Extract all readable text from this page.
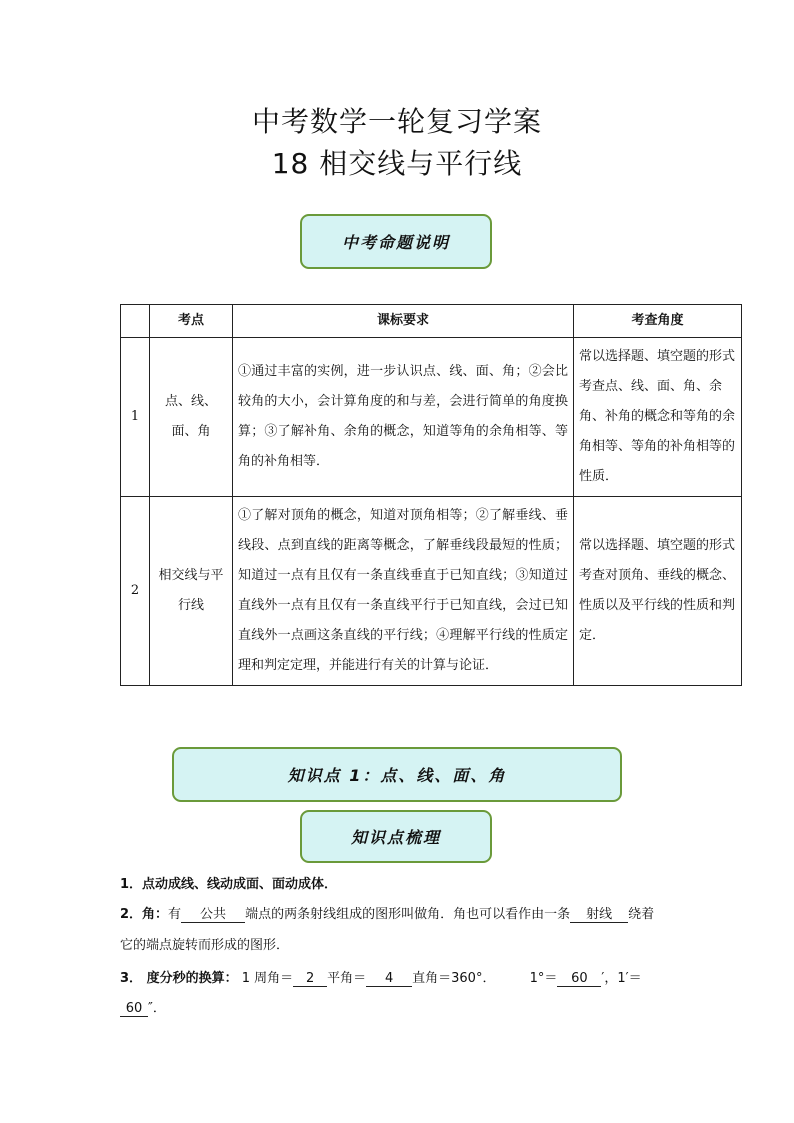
中考数学一轮复习学案
18 相交线与平行线
中考命题说明
	考点	课标要求	考查角度
1	点、线、面、角	①通过丰富的实例，进一步认识点、线、面、角；②会比较角的大小，会计算角度的和与差，会进行简单的角度换算；③了解补角、余角的概念，知道等角的余角相等、等角的补角相等．	常以选择题、填空题的形式考查点、线、面、角、余角、补角的概念和等角的余角相等、等角的补角相等的性质．
2	相交线与平行线	①了解对顶角的概念，知道对顶角相等；②了解垂线、垂线段、点到直线的距离等概念，了解垂线段最短的性质；知道过一点有且仅有一条直线垂直于已知直线；③知道过直线外一点有且仅有一条直线平行于已知直线，会过已知直线外一点画这条直线的平行线；④理解平行线的性质定理和判定定理，并能进行有关的计算与论证．	常以选择题、填空题的形式考查对顶角、垂线的概念、性质以及平行线的性质和判定．
知识点 1：点、线、面、角
知识点梳理
1．点动成线、线动成面、面动成体．
2．角：有 公共 端点的两条射线组成的图形叫做角．角也可以看作由一条 射线 绕着
它的端点旋转而形成的图形．
3． 度分秒的换算： 1 周角＝ 2 平角＝ 4 直角＝360°．	1°＝ 60 ′，1′＝
60 ″．
